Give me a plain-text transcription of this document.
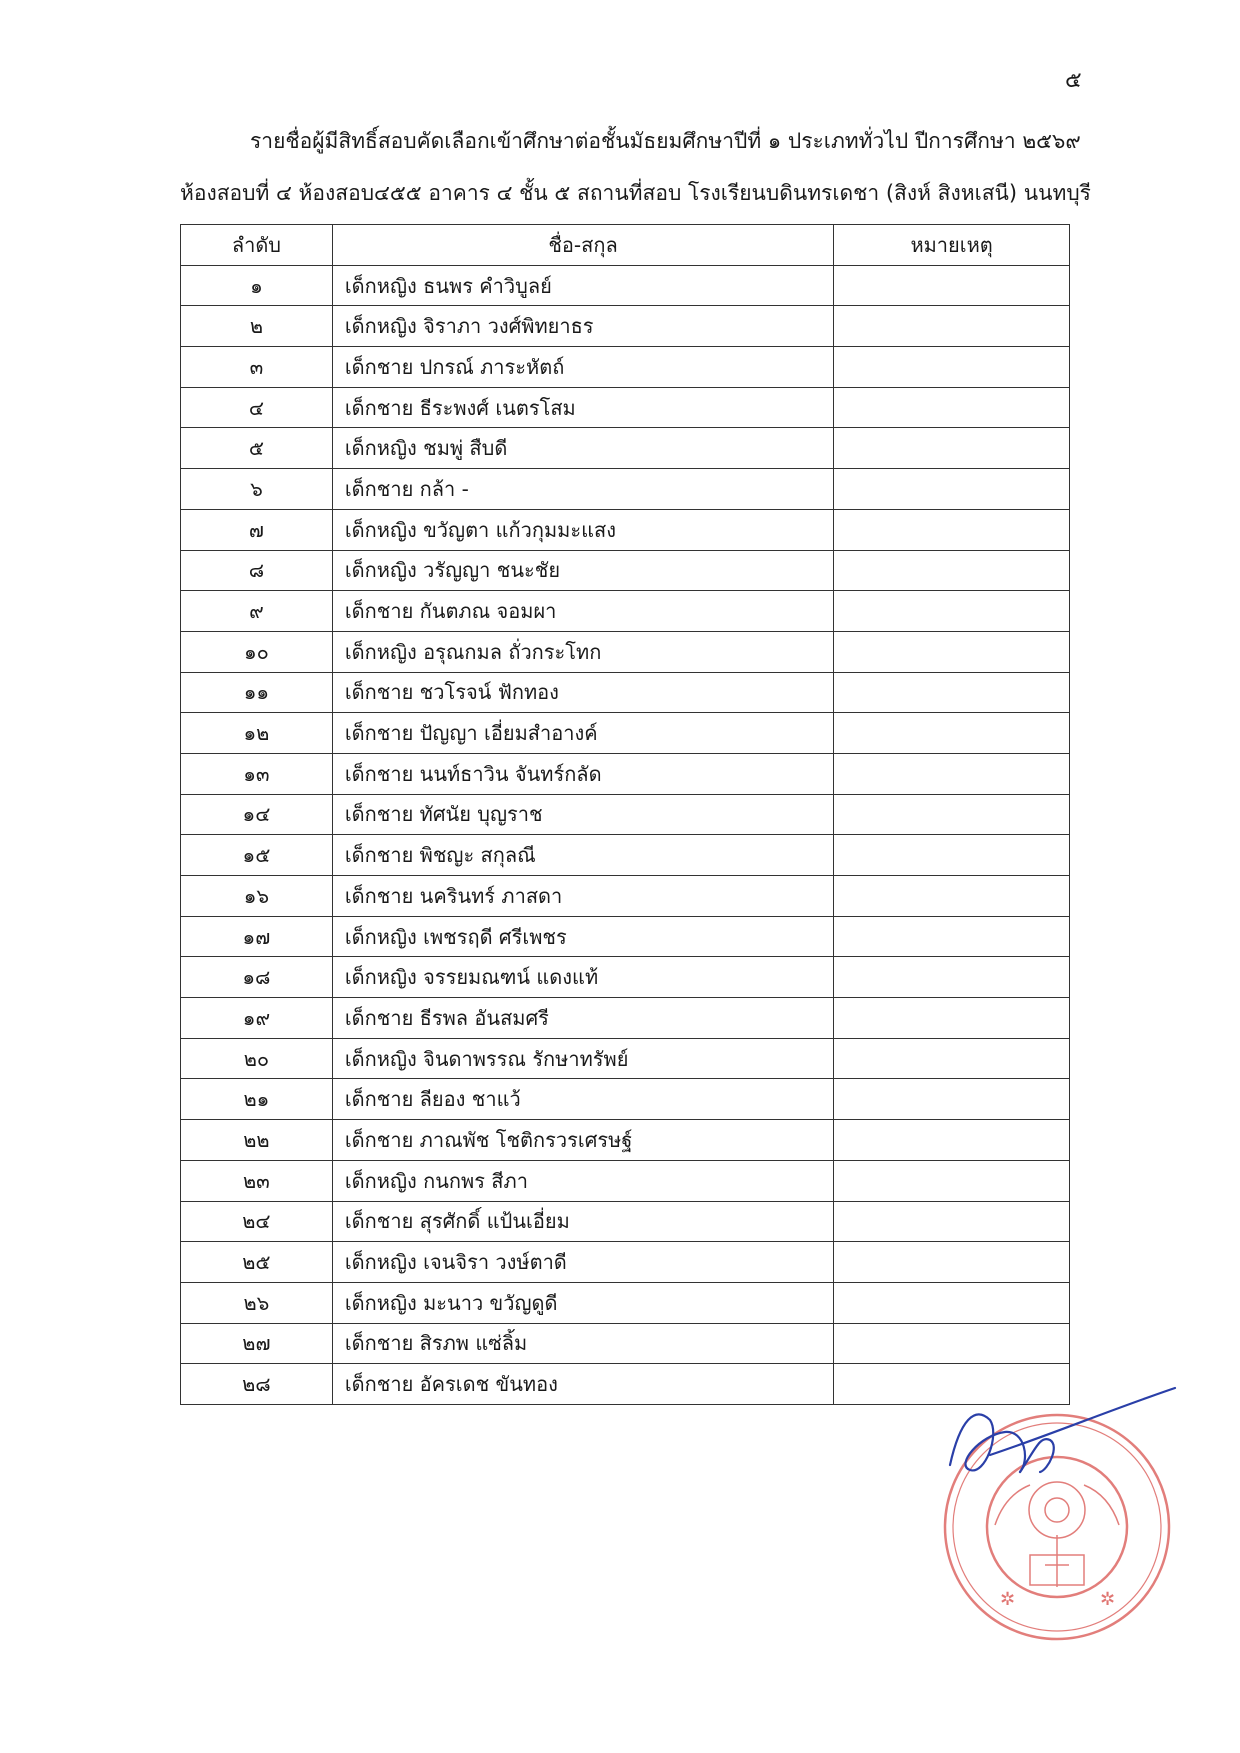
๕
รายชื่อผู้มีสิทธิ์สอบคัดเลือกเข้าศึกษาต่อชั้นมัธยมศึกษาปีที่ ๑ ประเภททั่วไป ปีการศึกษา ๒๕๖๙
ห้องสอบที่ ๔ ห้องสอบ๔๕๕ อาคาร ๔ ชั้น ๕ สถานที่สอบ โรงเรียนบดินทรเดชา (สิงห์ สิงหเสนี) นนทบุรี
ลำดับ	ชื่อ-สกุล	หมายเหตุ
๑	เด็กหญิง ธนพร คำวิบูลย์	
๒	เด็กหญิง จิราภา วงศ์พิทยาธร	
๓	เด็กชาย ปกรณ์ ภาระหัตถ์	
๔	เด็กชาย ธีระพงศ์ เนตรโสม	
๕	เด็กหญิง ชมพู่ สืบดี	
๖	เด็กชาย กล้า -	
๗	เด็กหญิง ขวัญตา แก้วกุมมะแสง	
๘	เด็กหญิง วรัญญา ชนะชัย	
๙	เด็กชาย กันตภณ จอมผา	
๑๐	เด็กหญิง อรุณกมล ถั่วกระโทก	
๑๑	เด็กชาย ชวโรจน์ ฟักทอง	
๑๒	เด็กชาย ปัญญา เอี่ยมสำอางค์	
๑๓	เด็กชาย นนท์ธาวิน จันทร์กลัด	
๑๔	เด็กชาย ทัศนัย บุญราช	
๑๕	เด็กชาย พิชญะ สกุลณี	
๑๖	เด็กชาย นครินทร์ ภาสดา	
๑๗	เด็กหญิง เพชรฤดี ศรีเพชร	
๑๘	เด็กหญิง จรรยมณฑน์ แดงแท้	
๑๙	เด็กชาย ธีรพล อันสมศรี	
๒๐	เด็กหญิง จินดาพรรณ รักษาทรัพย์	
๒๑	เด็กชาย ลียอง ชาแว้	
๒๒	เด็กชาย ภาณพัช โชติกรวรเศรษฐ์	
๒๓	เด็กหญิง กนกพร สีภา	
๒๔	เด็กชาย สุรศักดิ์ แป้นเอี่ยม	
๒๕	เด็กหญิง เจนจิรา วงษ์ตาดี	
๒๖	เด็กหญิง มะนาว ขวัญดูดี	
๒๗	เด็กชาย สิรภพ แซ่ลิ้ม	
๒๘	เด็กชาย อัครเดช ขันทอง	
✲	✲
